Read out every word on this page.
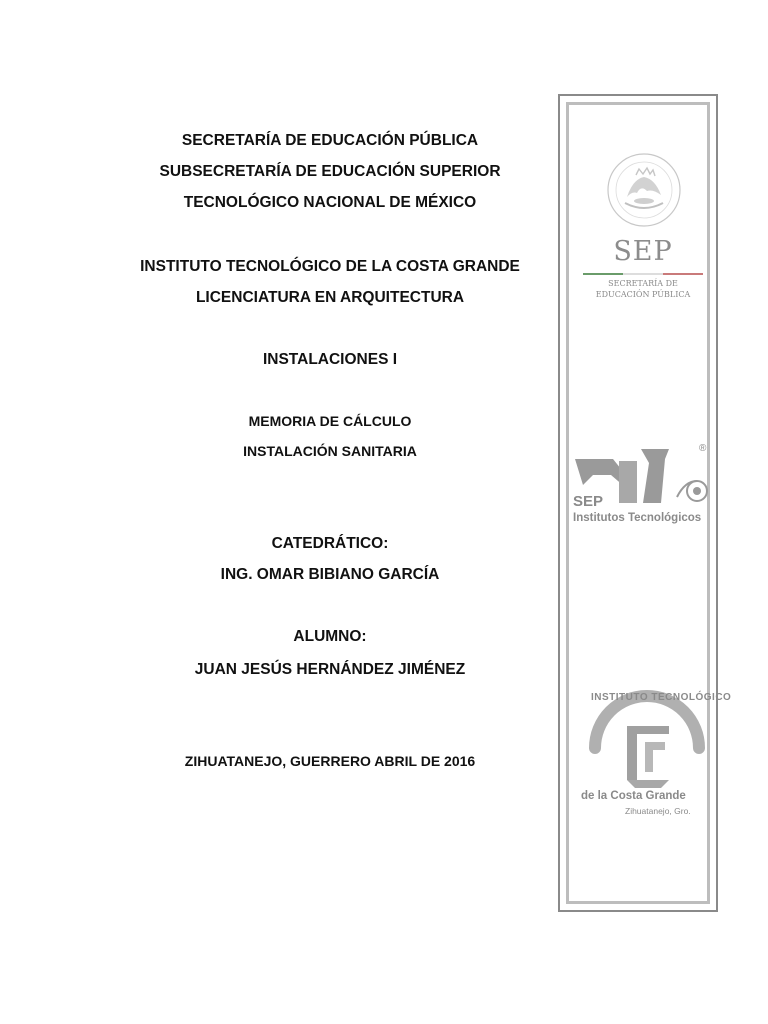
SECRETARÍA DE EDUCACIÓN PÚBLICA
SUBSECRETARÍA DE EDUCACIÓN SUPERIOR
TECNOLÓGICO NACIONAL DE MÉXICO
INSTITUTO TECNOLÓGICO DE LA COSTA GRANDE
LICENCIATURA EN ARQUITECTURA
INSTALACIONES I
MEMORIA DE CÁLCULO
INSTALACIÓN SANITARIA
CATEDRÁTICO:
ING. OMAR BIBIANO GARCÍA
ALUMNO:
JUAN JESÚS HERNÁNDEZ JIMÉNEZ
ZIHUATANEJO, GUERRERO ABRIL DE 2016
SEP
SECRETARÍA DE
EDUCACIÓN PÚBLICA
®
SEP
Institutos Tecnológicos
INSTITUTO TECNOLÓGICO
de la Costa Grande
Zihuatanejo, Gro.
